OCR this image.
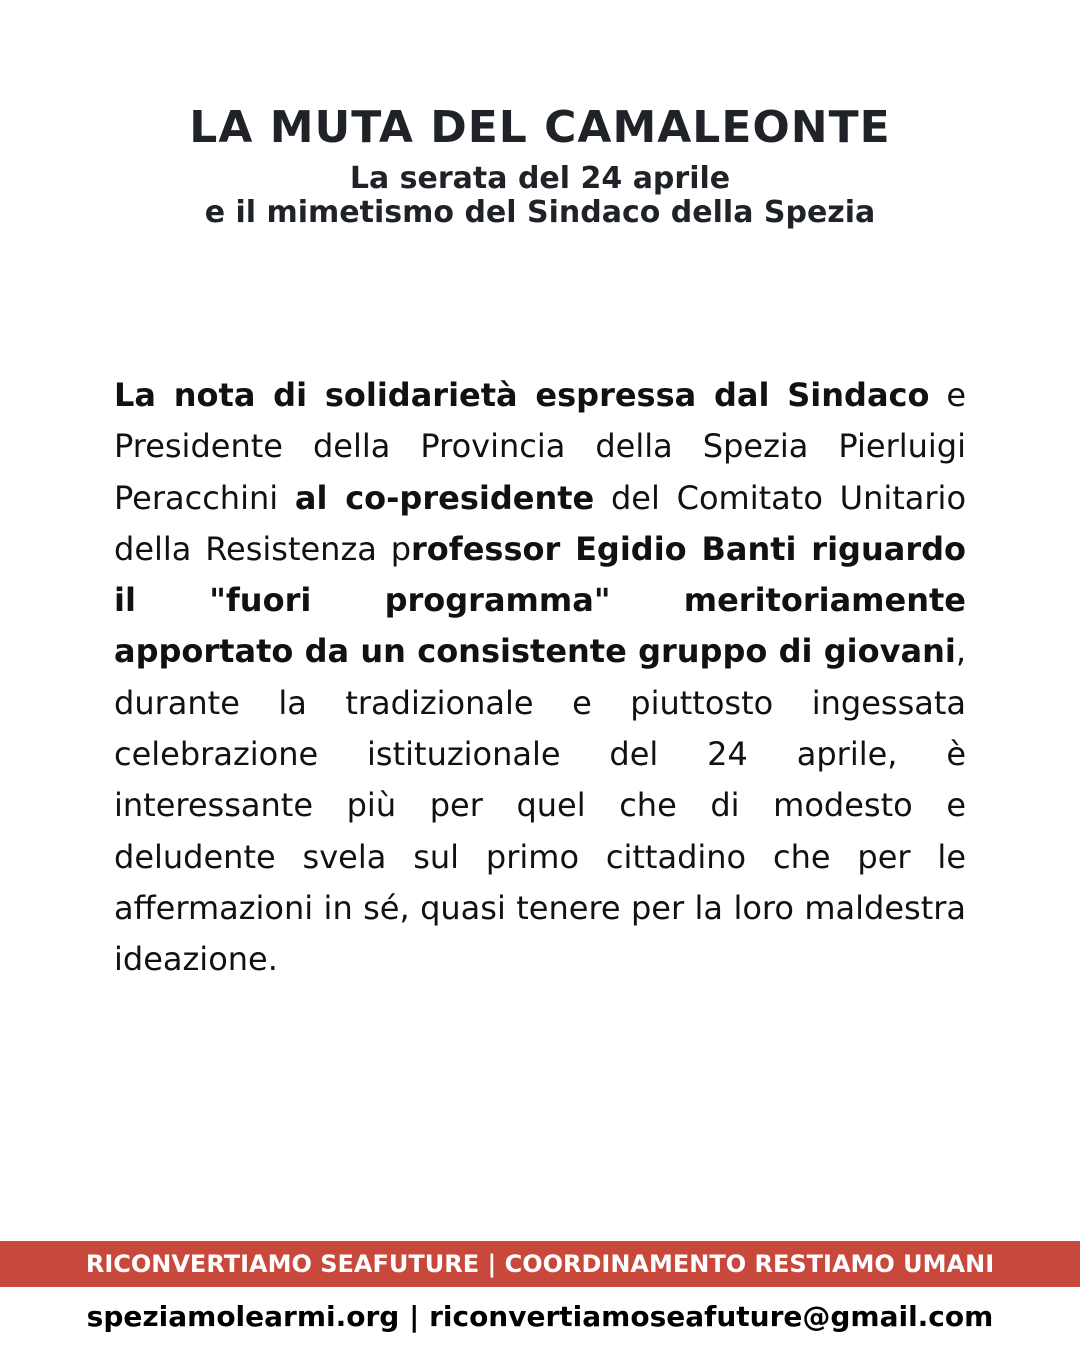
LA MUTA DEL CAMALEONTE

La serata del 24 aprile
e il mimetismo del Sindaco della Spezia

La nota di solidarietà espressa dal Sindaco e Presidente della Provincia della Spezia Pierluigi Peracchini al co-presidente del Comitato Unitario della Resistenza professor Egidio Banti riguardo il "fuori programma" meritoriamente apportato da un consistente gruppo di giovani, durante la tradizionale e piuttosto ingessata celebrazione istituzionale del 24 aprile, è interessante più per quel che di modesto e deludente svela sul primo cittadino che per le affermazioni in sé, quasi tenere per la loro maldestra ideazione.

RICONVERTIAMO SEAFUTURE | COORDINAMENTO RESTIAMO UMANI
speziamolearmi.org | riconvertiamoseafuture@gmail.com
